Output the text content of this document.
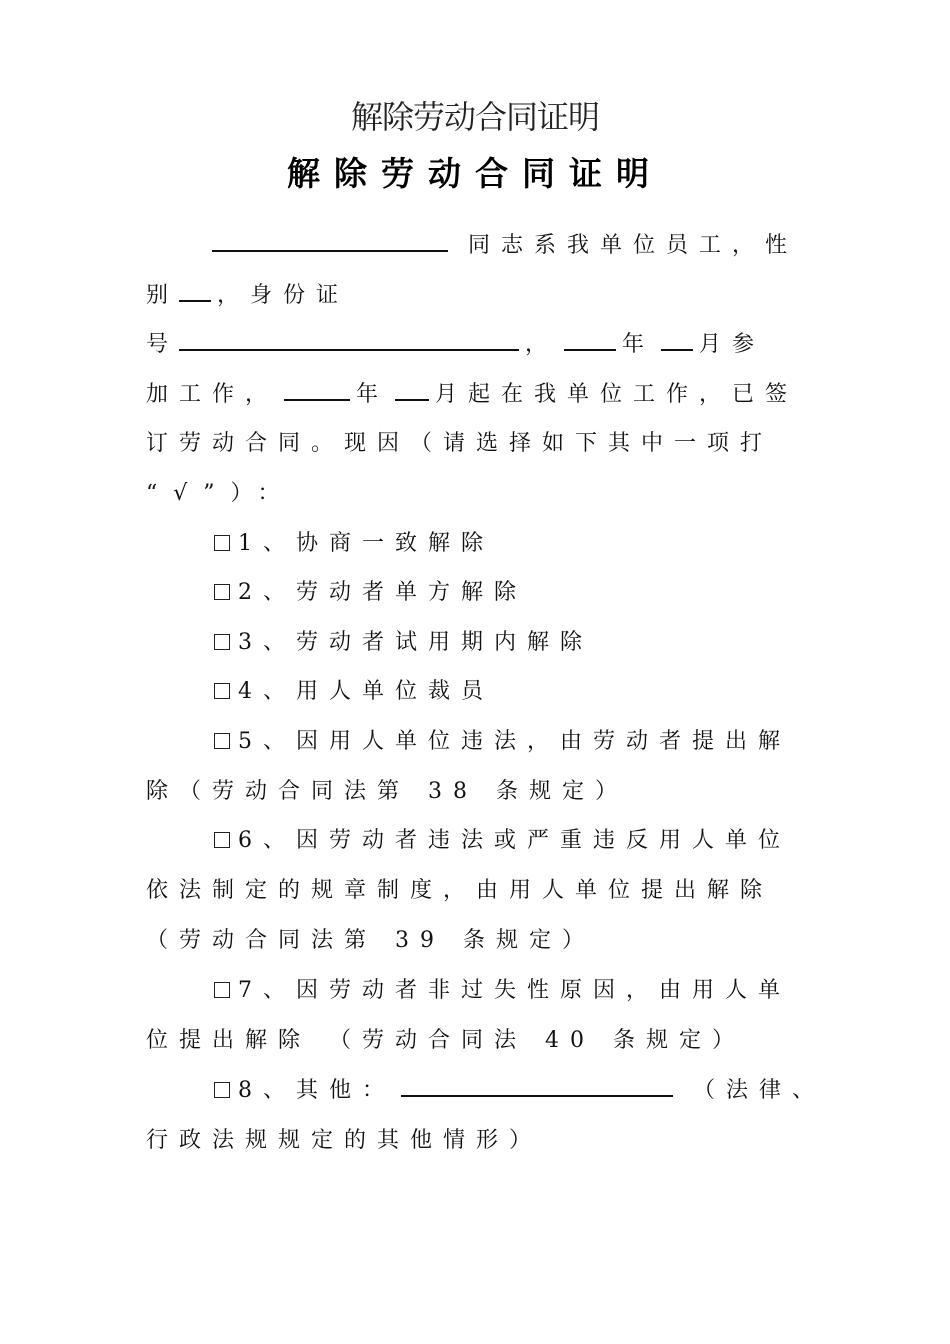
解除劳动合同证明
解除劳动合同证明
同志系我单位员工，性
别 ，身份证
号	，	年 月参
加工作，	年 月起在我单位工作，已签
订劳动合同。现因（请选择如下其中一项打
“√”）：
1、协商一致解除
2、劳动者单方解除
3、劳动者试用期内解除
4、用人单位裁员
5、因用人单位违法，由劳动者提出解
除（劳动合同法第 38 条规定）
6、因劳动者违法或严重违反用人单位
依法制定的规章制度，由用人单位提出解除
（劳动合同法第 39 条规定）
7、因劳动者非过失性原因，由用人单
位提出解除 （劳动合同法 40 条规定）
8、其他：	（法律、
行政法规规定的其他情形）
